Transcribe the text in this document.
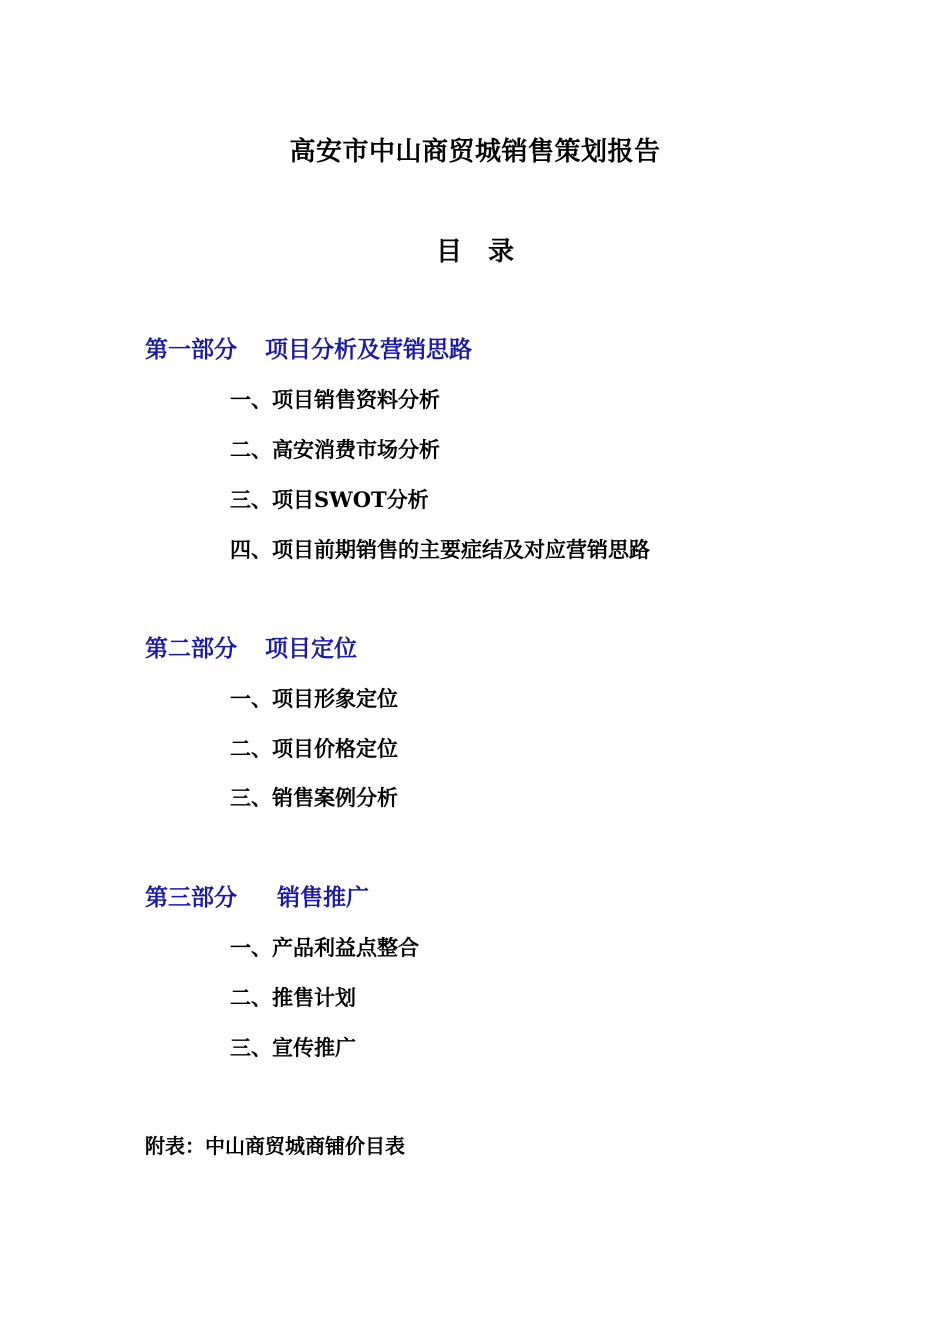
高安市中山商贸城销售策划报告
目　录
第一部分 项目分析及营销思路
一、项目销售资料分析
二、高安消费市场分析
三、项目SWOT分析
四、项目前期销售的主要症结及对应营销思路
第二部分 项目定位
一、项目形象定位
二、项目价格定位
三、销售案例分析
第三部分 销售推广
一、产品利益点整合
二、推售计划
三、宣传推广
附表：中山商贸城商铺价目表
